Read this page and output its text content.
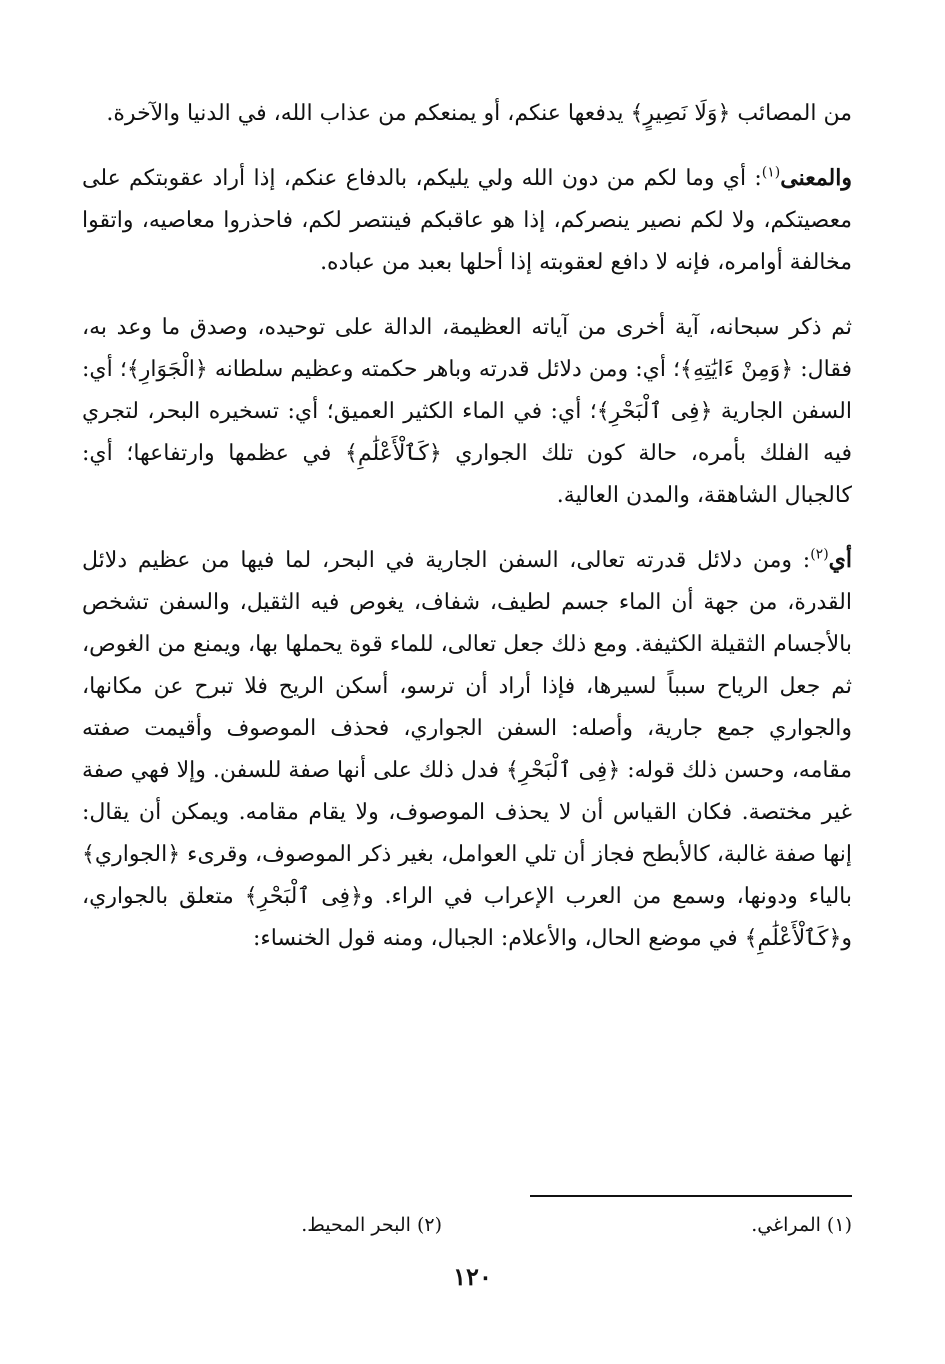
من المصائب ﴿وَلَا نَصِيرٍ﴾ يدفعها عنكم، أو يمنعكم من عذاب الله، في الدنيا والآخرة.

والمعنى$^{(١)}$: أي وما لكم من دون الله ولي يليكم، بالدفاع عنكم، إذا أراد عقوبتكم على معصيتكم، ولا لكم نصير ينصركم، إذا هو عاقبكم فينتصر لكم، فاحذروا معاصيه، واتقوا مخالفة أوامره، فإنه لا دافع لعقوبته إذا أحلها بعبد من عباده.

ثم ذكر سبحانه، آية أخرى من آياته العظيمة، الدالة على توحيده، وصدق ما وعد به، فقال: ﴿وَمِنْ ءَايَٰتِهِ﴾؛ أي: ومن دلائل قدرته وباهر حكمته وعظيم سلطانه ﴿الْجَوَارِ﴾؛ أي: السفن الجارية ﴿فِى ٱلْبَحْرِ﴾؛ أي: في الماء الكثير العميق؛ أي: تسخيره البحر، لتجري فيه الفلك بأمره، حالة كون تلك الجواري ﴿كَٱلْأَعْلَٰمِ﴾ في عظمها وارتفاعها؛ أي: كالجبال الشاهقة، والمدن العالية.

أي$^{(٢)}$: ومن دلائل قدرته تعالى، السفن الجارية في البحر، لما فيها من عظيم دلائل القدرة، من جهة أن الماء جسم لطيف، شفاف، يغوص فيه الثقيل، والسفن تشخص بالأجسام الثقيلة الكثيفة. ومع ذلك جعل تعالى، للماء قوة يحملها بها، ويمنع من الغوص، ثم جعل الرياح سبباً لسيرها، فإذا أراد أن ترسو، أسكن الريح فلا تبرح عن مكانها، والجواري جمع جارية، وأصله: السفن الجواري، فحذف الموصوف وأقيمت صفته مقامه، وحسن ذلك قوله: ﴿فِى ٱلْبَحْرِ﴾ فدل ذلك على أنها صفة للسفن. وإلا فهي صفة غير مختصة. فكان القياس أن لا يحذف الموصوف، ولا يقام مقامه. ويمكن أن يقال: إنها صفة غالبة، كالأبطح فجاز أن تلي العوامل، بغير ذكر الموصوف، وقرىء ﴿الجواري﴾ بالياء ودونها، وسمع من العرب الإعراب في الراء. و﴿فِى ٱلْبَحْرِ﴾ متعلق بالجواري، و﴿كَٱلْأَعْلَٰمِ﴾ في موضع الحال، والأعلام: الجبال، ومنه قول الخنساء:

(١) المراغي.
(٢) البحر المحيط.
١٢٠
